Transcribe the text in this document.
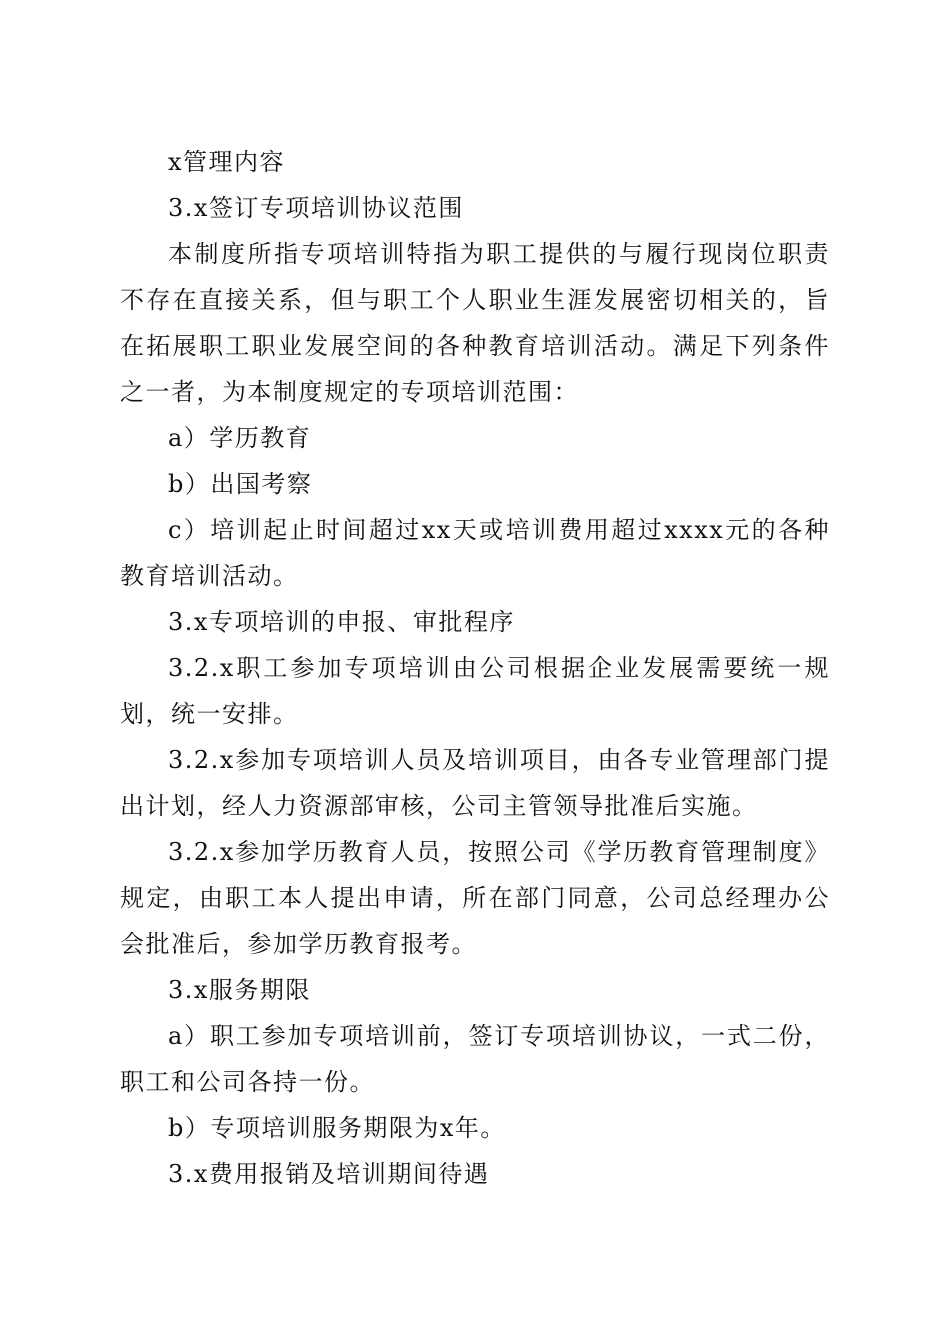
x管理内容

3.x签订专项培训协议范围

本制度所指专项培训特指为职工提供的与履行现岗位职责不存在直接关系，但与职工个人职业生涯发展密切相关的，旨在拓展职工职业发展空间的各种教育培训活动。满足下列条件之一者，为本制度规定的专项培训范围：

a）学历教育

b）出国考察

c）培训起止时间超过xx天或培训费用超过xxxx元的各种教育培训活动。

3.x专项培训的申报、审批程序

3.2.x职工参加专项培训由公司根据企业发展需要统一规划，统一安排。

3.2.x参加专项培训人员及培训项目，由各专业管理部门提出计划，经人力资源部审核，公司主管领导批准后实施。

3.2.x参加学历教育人员，按照公司《学历教育管理制度》规定，由职工本人提出申请，所在部门同意，公司总经理办公会批准后，参加学历教育报考。

3.x服务期限

a）职工参加专项培训前，签订专项培训协议，一式二份，职工和公司各持一份。

b）专项培训服务期限为x年。

3.x费用报销及培训期间待遇
